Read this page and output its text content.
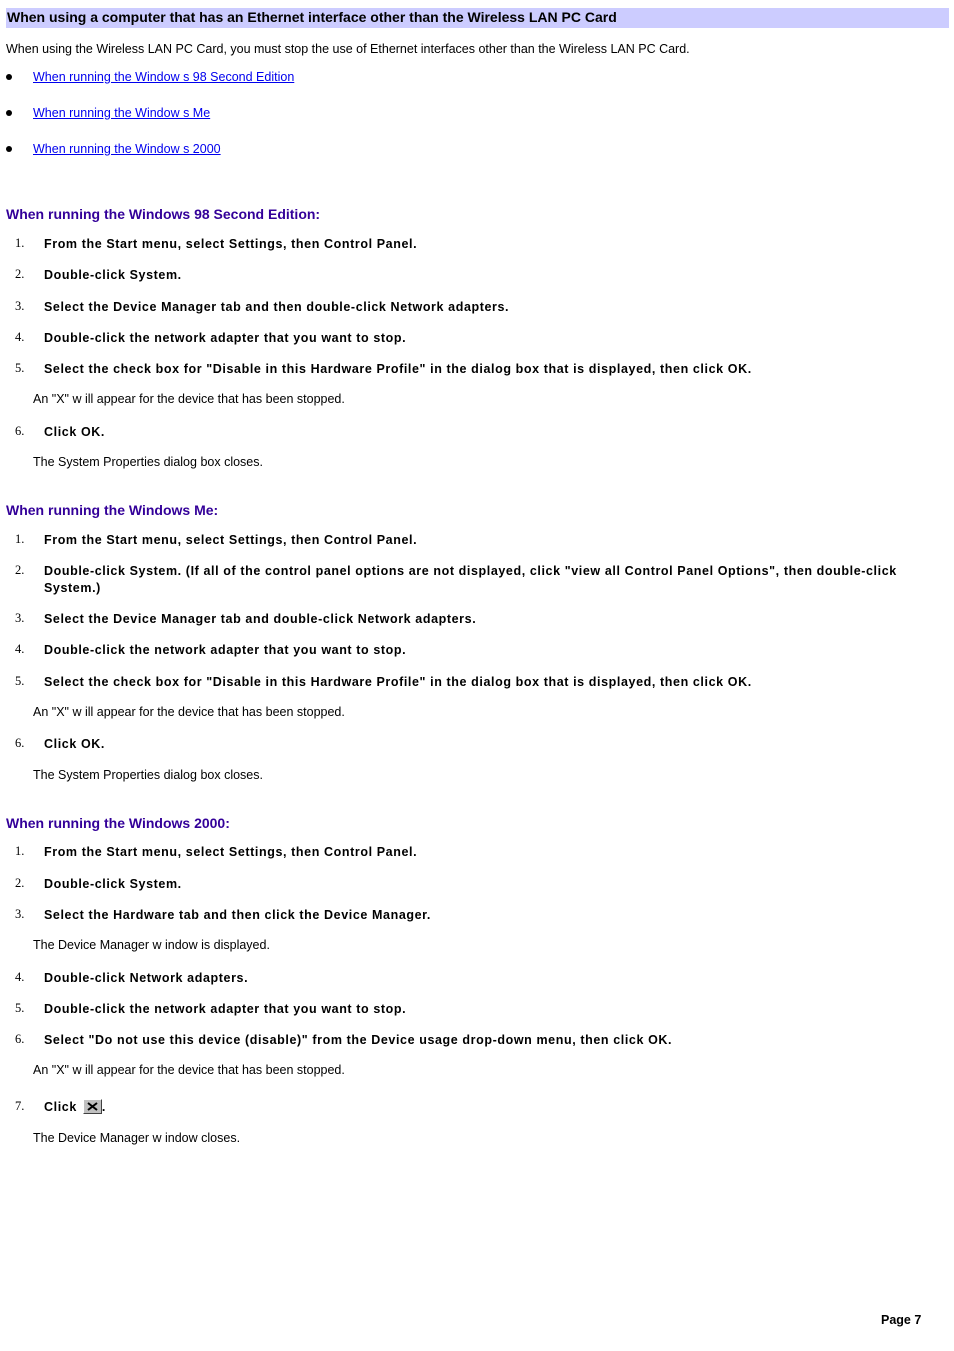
When using a computer that has an Ethernet interface other than the Wireless LAN PC Card
When using the Wireless LAN PC Card, you must stop the use of Ethernet interfaces other than the Wireless LAN PC Card.
When running the Window s 98 Second Edition
When running the Window s Me
When running the Window s 2000
When running the Windows 98 Second Edition:
1. From the Start menu, select Settings, then Control Panel.
2. Double-click System.
3. Select the Device Manager tab and then double-click Network adapters.
4. Double-click the network adapter that you want to stop.
5. Select the check box for "Disable in this Hardware Profile" in the dialog box that is displayed, then click OK.
An "X" w ill appear for the device that has been stopped.
6. Click OK.
The System Properties dialog box closes.
When running the Windows Me:
1. From the Start menu, select Settings, then Control Panel.
2. Double-click System. (If all of the control panel options are not displayed, click "view all Control Panel Options", then double-click System.)
3. Select the Device Manager tab and double-click Network adapters.
4. Double-click the network adapter that you want to stop.
5. Select the check box for "Disable in this Hardware Profile" in the dialog box that is displayed, then click OK.
An "X" w ill appear for the device that has been stopped.
6. Click OK.
The System Properties dialog box closes.
When running the Windows 2000:
1. From the Start menu, select Settings, then Control Panel.
2. Double-click System.
3. Select the Hardware tab and then click the Device Manager.
The Device Manager w indow is displayed.
4. Double-click Network adapters.
5. Double-click the network adapter that you want to stop.
6. Select "Do not use this device (disable)" from the Device usage drop-down menu, then click OK.
An "X" w ill appear for the device that has been stopped.
7. Click .
The Device Manager w indow closes.
Page 7
